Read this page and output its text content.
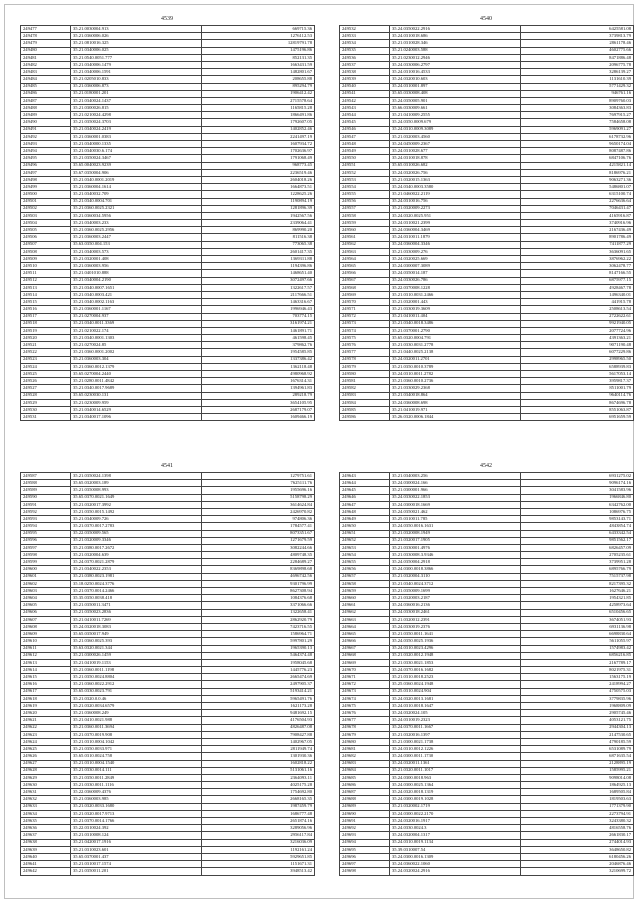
4539
249477	35.21.0030004.913	669715.36
249478	35.21.0360006.026	1276112.53
249479	35.21.0810016.325	12819791.78
249480	35.21.0340006.025	1475196.86
249481	35.21.0540.0051.777	852131.35
249482	35.21.0340006.1479	1663431.59
249483	35.21.0340006.1591	1482801.67
249484	35.21.0205010.833	208655.88
249485	35.21.0360006.873	895294.79
249486	35.21.0180001.201	1906412.42
249487	35.21.0340024.1437	2715578.64
249488	35.21.0300026.815	1165815.28
249489	35.21.0210024.4298	1866491.86
249490	35.21.0350024.3703	1792607.05
249491	35.21.0340024.2419	1402852.46
249492	35.21.0360001.0383	2241497.19
249493	35.21.0340000.1335	1607934.72
249494	35.21.0340030.6.174	1702636.97
249495	35.21.0350024.3467	1791068.49
249496	35.65.0040023.9239	968773.45
249497	35.67.0350004.906	2236519.46
249498	35.21.0340.0001.2019	2604018.26
249499	35.21.0360004.1614	1664873.51
249500	35.21.0340032.709	1228625.26
249501	35.21.0340.0004.701	1190894.19
249502	35.21.0360.0025.2321	1281896.39
249503	35.21.0360034.5956	1942567.56
249504	35.21.0340003.233	2339064.41
249505	35.21.0360.0025.2956	869990.20
249506	35.21.0360003.2447	811516.38
249507	35.63.0350.004.153	773065.38
249508	35.21.0340003.573	2601417.35
249509	35.21.0320001.408	1369311.88
249510	35.21.0360003.956	1194396.86
249511	35.21.0401010.888	1468651.40
249512	35.21.0340004.2190	3072497.66
249513	35.21.0340.0007.1651	1322617.57
249514	35.21.0340.0003.421	2117666.51
249515	35.21.0340.0002.1163	1463316.67
249516	35.21.0360001.1167	1996946.43
249517	35.21.0270004.937	703774.15
249518	35.21.0340.0011.3369	3161974.21
249519	35.21.0210022.174	1461891.71
249520	35.21.0340.0001.1303	461598.45
249521	35.21.0270024.85	379862.76
249522	35.21.0360.0001.2002	1954585.85
249523	35.21.0360003.304	1337386.42
249524	35.21.0360.0012.1379	1362118.48
249525	35.65.0270004.2440	4980968.92
249526	35.21.0280.0011.4842	1676314.31
249527	35.21.0340.0017.9689	1394961.83
249528	35.65.0230030.131	289218.79
249529	35.21.0230009.959	3654105.95
249530	35.21.0340014.6529	2687179.07
249531	35.21.0340017.1096	1609466.19
4540
249532	35.24.0350022.2916	6425581.08
249533	35.24.0310018.686	3739813.79
249534	35.21.0310028.346	2861178.46
249535	35.21.0240003.588	4602775.66
249536	35.21.0230012.2946	8471886.48
249537	35.24.0330006.2797	2096775.78
249538	35.24.0310016.4533	3286139.27
249539	35.24.0320010.603	1131610.39
249540	35.24.0310001.897	5771429.32
249541	35.65.0330008.408	946761.16
249542	35.24.0350005.901	8909760.03
249543	35.66.0330009.661	3084363.83
249544	35.21.0410009.2555	7697915.27
249545	35.24.0350.0009.679	7584658.08
249546	35.24.0310.0009.3089	5969091.27
249547	35.21.0320003.4560	6178732.96
249548	35.24.0450009.2367	9650174.04
249549	35.24.0310028.677	8087487.86
249550	35.24.0310018.878	6847106.76
249551	35.65.0310026.682	4215821.14
249552	35.24.0320026.756	8186976.21
249553	35.21.0320015.1363	9063271.36
249554	35.24.0340.0003.3580	5486801.07
249555	35.21.0460022.2119	6315100.74
249556	35.24.0310016.756	2276636.64
249557	35.21.0320009.2273	7046431.47
249558	35.24.0320.0025.951	4165916.87
249559	35.24.0310021.2399	3740916.96
249560	35.24.0360004.3469	2167436.49
249561	35.24.0310011.1879	8901786.49
249562	35.24.0360004.3346	7411877.29
249563	35.21.0330009.276	3636091.65
249564	35.24.0320025.669	3876962.22
249565	35.24.0300007.3089	3062478.77
249566	35.24.0350014.187	8147166.55
249567	35.24.0330026.786	6875977.15
249568	35.22.0370008.1228	4928467.78
249569	35.21.0310.0031.2466	1496340.01
249570	35.21.0320001.443	441915.78
249571	35.21.0330019.3609	2508613.54
249572	35.21.0410011.404	2722622.61
249573	35.21.0340.0018.3486	9921940.05
249574	35.21.0370001.2790	2077724.96
249575	35.65.0320.0004.791	4391363.21
249576	35.21.0330.0031.2778	9071190.48
249577	35.21.0440.0025.2138	6077229.86
249578	35.24.0320011.2701	2998965.50
249579	35.21.0350.0010.3789	6588939.83
249580	35.24.0310.0011.2782	5617053.14
249581	35.21.0360.0010.2736	3959817.37
249582	35.21.0330029.2368	8511001.79
249583	35.21.0340018.864	9640114.76
249584	35.24.0360008.698	8674696.78
249585	35.21.0410019.971	8551063.87
249586	35.26.0320.0006.1844	6951659.59
4541
249587	35.21.0350024.1398	1279751.61
249588	35.65.0320003.189	7625111.76
249589	35.21.0350008.993	1955696.16
249590	35.65.0370.0021.1649	5158798.29
249591	35.21.0320017.3992	3614624.84
249592	35.21.0350.0015.1492	2426970.82
249593	35.21.0340009.726	974806.36
249594	35.21.0370.0017.2783	1784577.41
249595	35.22.0350009.565	8073351.67
249596	35.21.0320009.3346	1271679.59
249597	35.21.0380.0017.2672	3082244.66
249598	35.21.0320004.639	4809748.35
249599	35.24.0370.0021.2879	2284689.27
249600	35.21.0340022.2353	8369898.68
249601	35.21.0380.0023.1981	4696742.56
249602	35.18.0250.0024.3776	9301796.99
249603	35.21.0370.0014.2466	8627308.94
249604	35.35.0350.0038.418	1084376.68
249605	35.21.0350011.3471	3371066.66
249606	35.21.0350023.2836	1322658.41
249607	35.21.0410011.7269	2862920.79
249608	35.24.0320018.3083	7423716.55
249609	35.65.0350017.949	1586964.71
249610	35.21.0360.0025.393	5997801.29
249611	35.63.0320.0021.344	1965390.13
249612	35.21.0300026.1459	5464374.48
249613	35.21.0410019.1153	1958045.68
249614	35.21.0360.0011.1198	1445776.23
249615	35.21.0350.0024.8804	2665474.69
249616	35.21.0360.0022.2912	2497905.37
249617	35.65.0330.0023.791	5193414.21
249618	35.21.0320.0.0.46	5965491.76
249619	35.21.0320.0034.6579	1621173.28
249620	35.21.0360008.249	9481692.15
249621	35.21.0410.0021.988	4176504.93
249622	35.21.0360.0011.3694	4826487.08
249623	35.21.0370.0019.908	7908427.88
249624	35.21.0310.0004.1042	1402967.05
249625	35.21.0350.0033.971	2811949.74
249626	35.65.0310.0024.758	1301930.36
249627	35.21.0310.0004.1540	1602818.22
249628	35.21.0330.0014.111	5131061.16
249629	35.21.0350.0011.2849	2364093.11
249630	35.21.0330.0011.1116	4025175.28
249631	35.22.0360009.4376	1754692.80
249632	35.21.0360003.985	2668165.35
249633	35.21.0320.0033.1680	1987459.79
249634	35.21.0320.0017.9713	1686777.48
249635	35.21.0370.0014.1766	2651874.16
249636	35.22.0310024.392	3289056.96
249637	35.21.0310008.124	2956117.84
249638	35.21.0420017.1916	3216036.09
249639	35.21.0310023.601	1192161.24
249640	35.65.0370001.437	5929651.85
249641	35.21.0310017.1574	1151671.31
249642	35.21.0350011.201	3948513.42
4542
249643	35.21.0340003.256	6931275.02
249644	35.24.0300024.166	9096174.16
249645	35.21.0300001.966	3041583.96
249646	35.24.0330022.1853	1966846.80
249647	35.24.0300018.1669	6342762.00
249648	35.24.0350021.462	1086976.75
249649	35.25.0310011.785	9853143.71
249650	35.24.0350.0016.1631	4843854.74
249651	35.21.0320008.1949	6433342.54
249652	35.21.0320017.1905	9851562.17
249653	35.21.0330001.4976	6826457.09
249654	35.21.0330008.3.9346	2705235.61
249655	35.24.0350004.2918	3739951.28
249656	35.24.0300.0018.3866	6895766.79
249657	35.21.0320004.3110	7515737.98
249658	35.21.0340.0024.3712	8217395.32
249659	35.21.0350009.1699	1627646.21
249660	35.21.0320003.2187	1954321.85
249661	35.24.0360016.2136	4258973.64
249662	35.24.0330018.2461	6510456.65
249663	35.21.0320012.2391	3674051.93
249664	35.24.0330019.2376	6931136.98
249665	35.21.0350.0011.1641	6698830.64
249666	35.24.0350.0025.1936	5611055.97
249667	35.24.0310.0023.4296	1574983.42
249668	35.21.0320.0012.1948	6856216.85
249669	35.21.0330.0021.1853	2167789.17
249670	35.24.0370.0016.1682	8021975.31
249671	35.21.0310.0018.2523	1563175.19
249672	35.25.0360.0024.1948	2418994.27
249673	35.25.0310.0024.904	4750575.03
249674	35.24.0320.0013.1681	3779835.96
249675	35.24.0310.0018.1647	1968809.09
249676	35.24.0320024.105	2905745.46
249677	35.24.0310019.2323	4053121.75
249678	35.24.0370.0011.1667	2944304.13
249679	35.21.0320016.1397	2147530.65
249680	35.21.0300.0021.1738	4790185.59
249681	35.24.0310.0012.1226	6531089.79
249682	35.24.0300.0011.1730	6871635.54
249683	35.24.0320011.1361	2128895.19
249684	35.21.0320.0011.1017	1585995.21
249685	35.24.0300.0018.963	9098014.08
249686	35.24.0300.0025.1364	1864925.13
249687	35.24.0320.0018.1319	1689505.84
249688	35.24.0300.0019.1028	1819503.63
249689	35.21.0320002.1719	1771379.90
249690	35.24.0300.0022.2170	2273794.91
249691	35.24.0320016.1917	3243380.32
249692	35.24.0330.0024.3	4816558.76
249693	35.24.0320004.1317	2661830.17
249694	35.24.0310.0019.1134	2744014.93
249695	35.39.0310007.54	3648650.82
249696	35.24.0300.0016.1309	6180456.26
249697	35.24.0360022.1060	2046876.46
249698	35.24.0320024.2916	3210699.72
